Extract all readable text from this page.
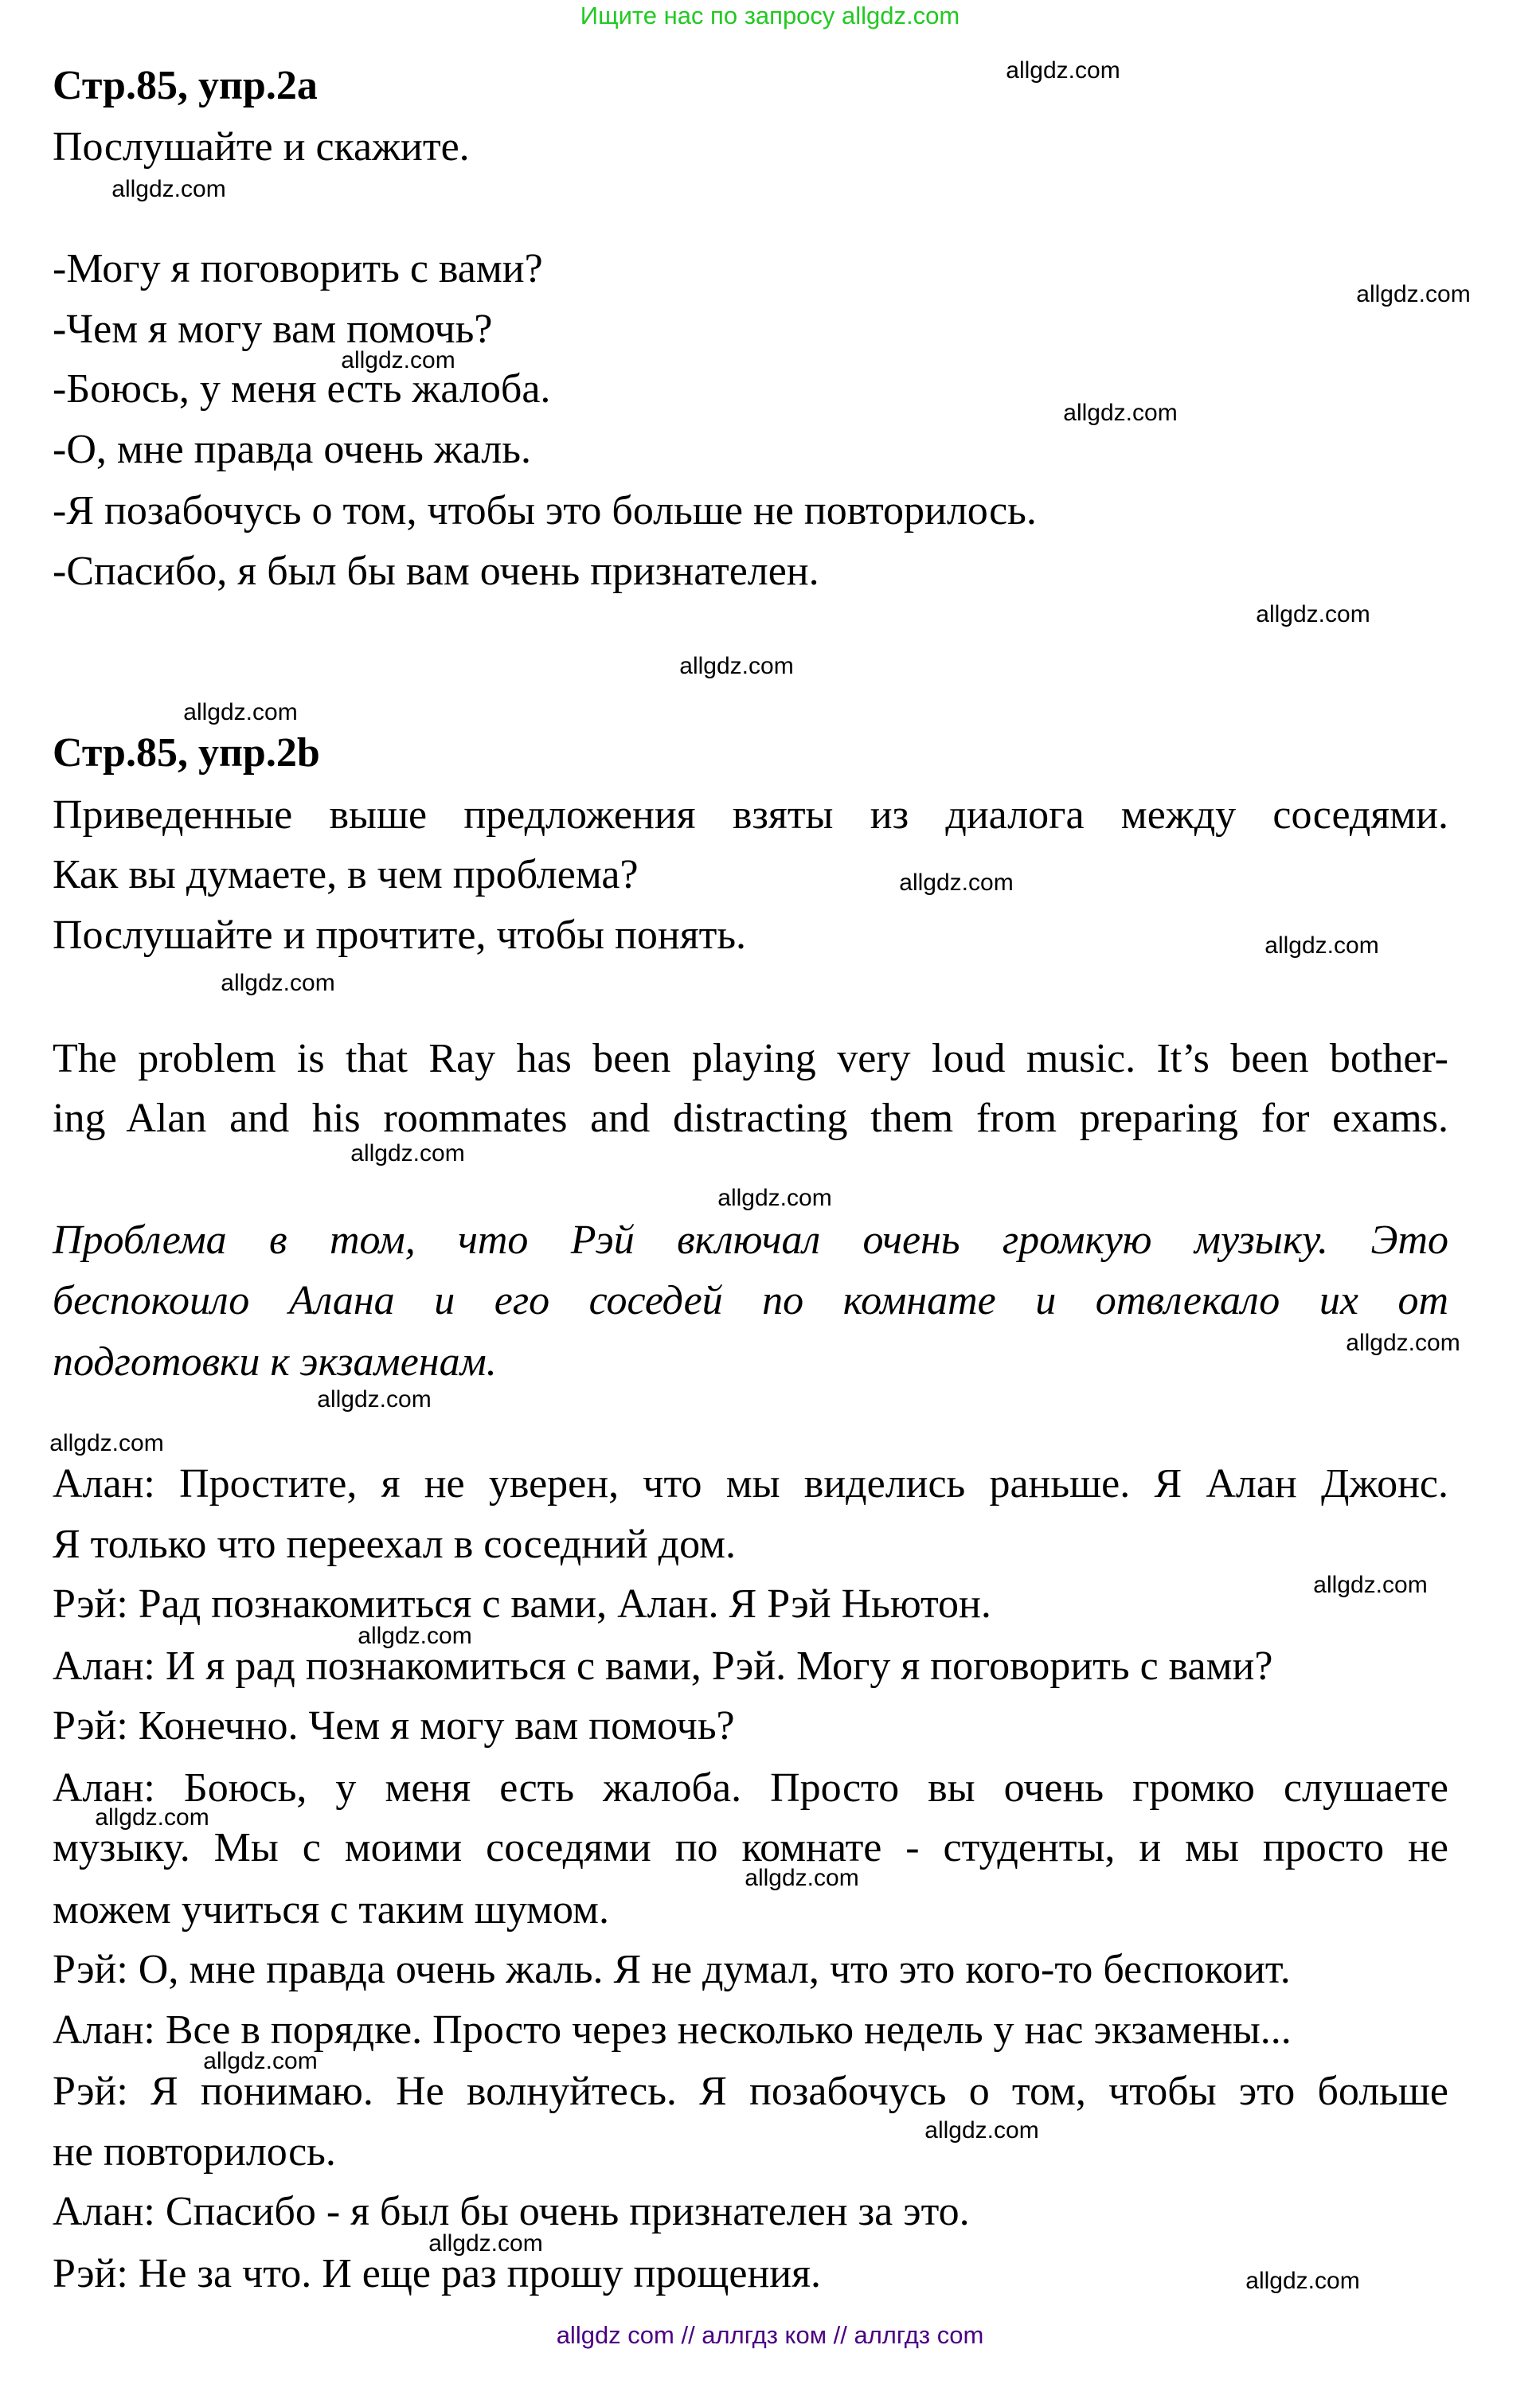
Ищите нас по запросу allgdz.com
Стр.85, упр.2a
Послушайте и скажите.
-Могу я поговорить с вами?
-Чем я могу вам помочь?
-Боюсь, у меня есть жалоба.
-О, мне правда очень жаль.
-Я позабочусь о том, чтобы это больше не повторилось.
-Спасибо, я был бы вам очень признателен.
Стр.85, упр.2b
Приведенные выше предложения взяты из диалога между соседями.
Как вы думаете, в чем проблема?
Послушайте и прочтите, чтобы понять.
The problem is that Ray has been playing very loud music. It’s been bother-
ing Alan and his roommates and distracting them from preparing for exams.
Проблема в том, что Рэй включал очень громкую музыку. Это
беспокоило Алана и его соседей по комнате и отвлекало их от
подготовки к экзаменам.
Алан: Простите, я не уверен, что мы виделись раньше. Я Алан Джонс.
Я только что переехал в соседний дом.
Рэй: Рад познакомиться с вами, Алан. Я Рэй Ньютон.
Алан: И я рад познакомиться с вами, Рэй. Могу я поговорить с вами?
Рэй: Конечно. Чем я могу вам помочь?
Алан: Боюсь, у меня есть жалоба. Просто вы очень громко слушаете
музыку. Мы с моими соседями по комнате - студенты, и мы просто не
можем учиться с таким шумом.
Рэй: О, мне правда очень жаль. Я не думал, что это кого-то беспокоит.
Алан: Все в порядке. Просто через несколько недель у нас экзамены...
Рэй: Я понимаю. Не волнуйтесь. Я позабочусь о том, чтобы это больше
не повторилось.
Алан: Спасибо - я был бы очень признателен за это.
Рэй: Не за что. И еще раз прошу прощения.
allgdz.com
allgdz.com
allgdz.com
allgdz.com
allgdz.com
allgdz.com
allgdz.com
allgdz.com
allgdz.com
allgdz.com
allgdz.com
allgdz.com
allgdz.com
allgdz.com
allgdz.com
allgdz.com
allgdz.com
allgdz.com
allgdz.com
allgdz.com
allgdz.com
allgdz.com
allgdz.com
allgdz.com
allgdz com // аллгдз ком // аллгдз com
